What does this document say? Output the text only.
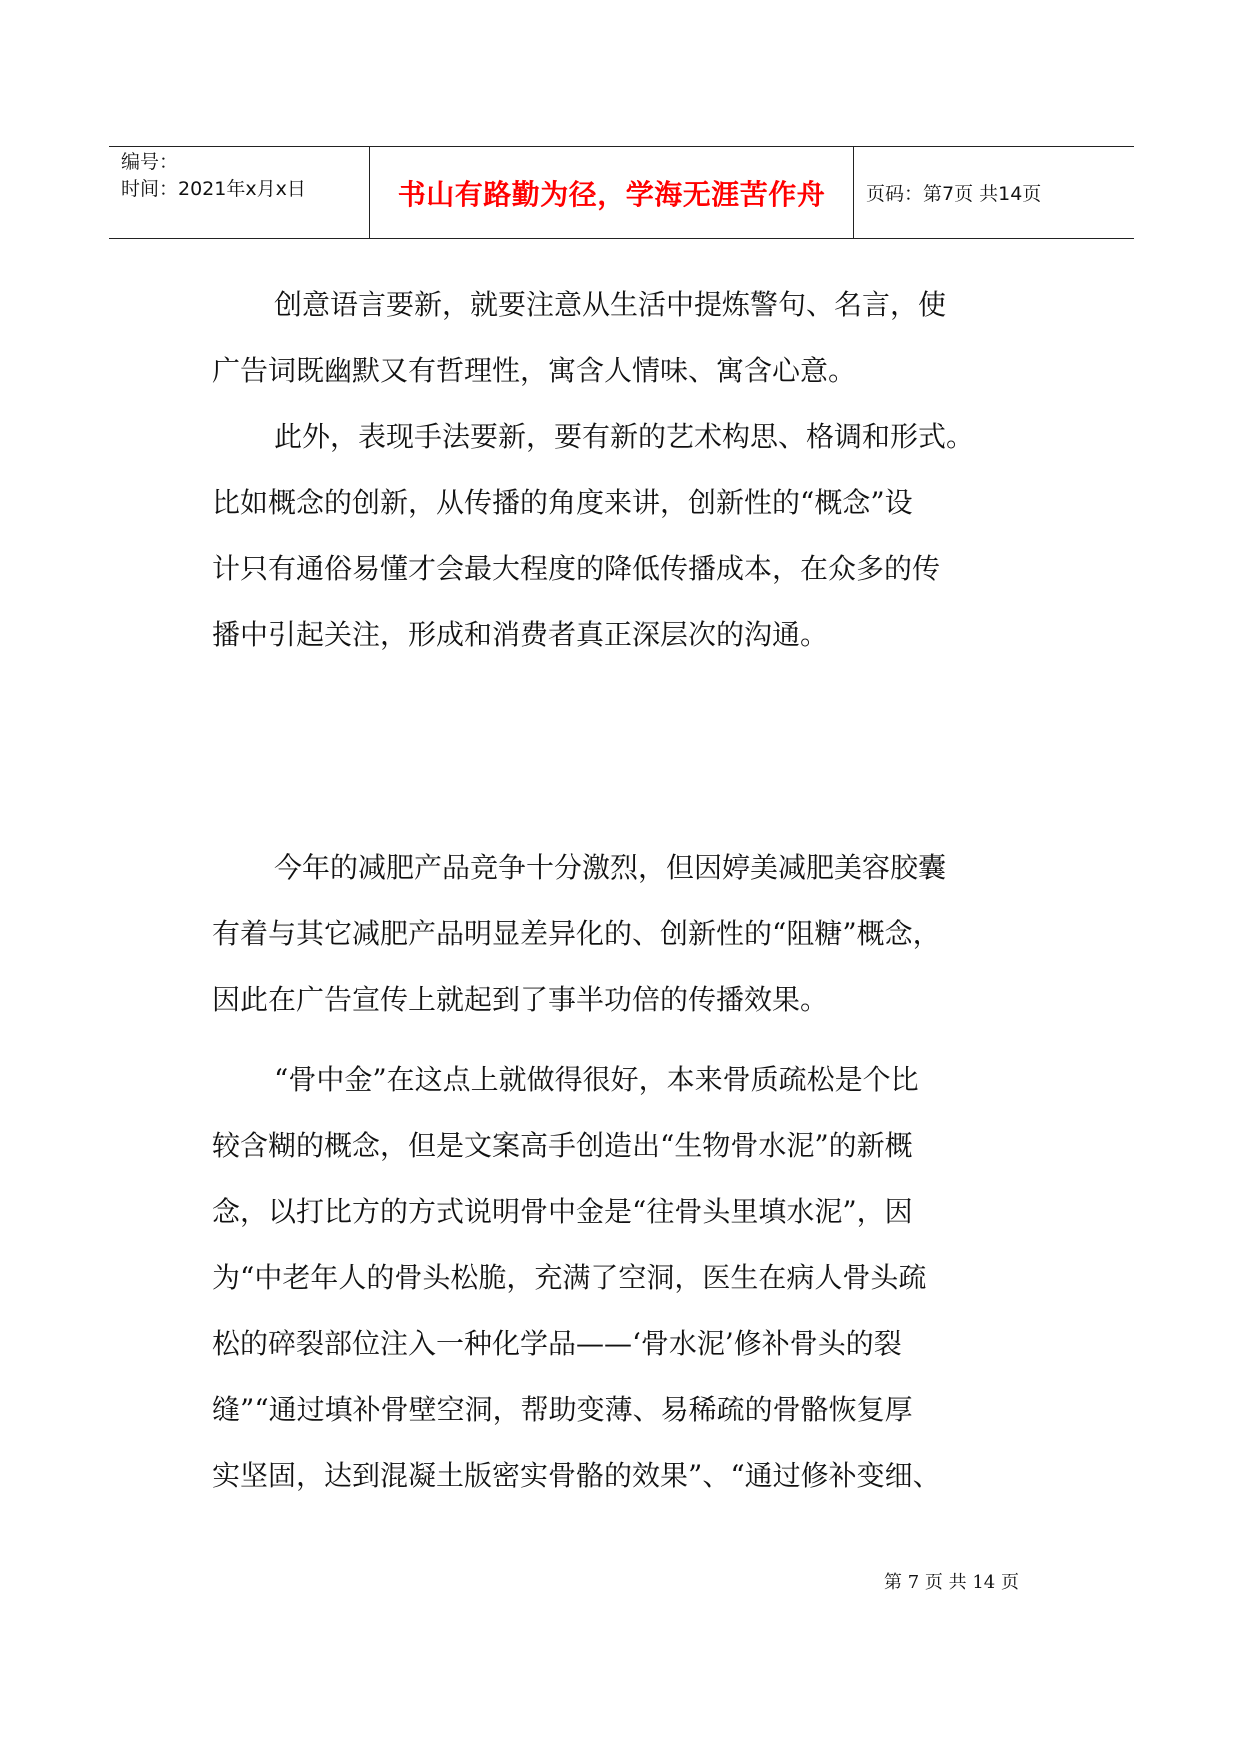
编号：
时间：2021年x月x日	书山有路勤为径，学海无涯苦作舟 页码：第7页 共14页
创意语言要新，就要注意从生活中提炼警句、名言，使
广告词既幽默又有哲理性，寓含人情味、寓含心意。
此外，表现手法要新，要有新的艺术构思、格调和形式。
比如概念的创新，从传播的角度来讲，创新性的“概念”设
计只有通俗易懂才会最大程度的降低传播成本，在众多的传
播中引起关注，形成和消费者真正深层次的沟通。
今年的减肥产品竞争十分激烈，但因婷美减肥美容胶囊
有着与其它减肥产品明显差异化的、创新性的“阻糖”概念，
因此在广告宣传上就起到了事半功倍的传播效果。
“骨中金”在这点上就做得很好，本来骨质疏松是个比
较含糊的概念，但是文案高手创造出“生物骨水泥”的新概
念，以打比方的方式说明骨中金是“往骨头里填水泥”，因
为“中老年人的骨头松脆，充满了空洞，医生在病人骨头疏
松的碎裂部位注入一种化学品——‘骨水泥’修补骨头的裂
缝”“通过填补骨壁空洞，帮助变薄、易稀疏的骨骼恢复厚
实坚固，达到混凝土版密实骨骼的效果”、“通过修补变细、
第 7 页 共 14 页
